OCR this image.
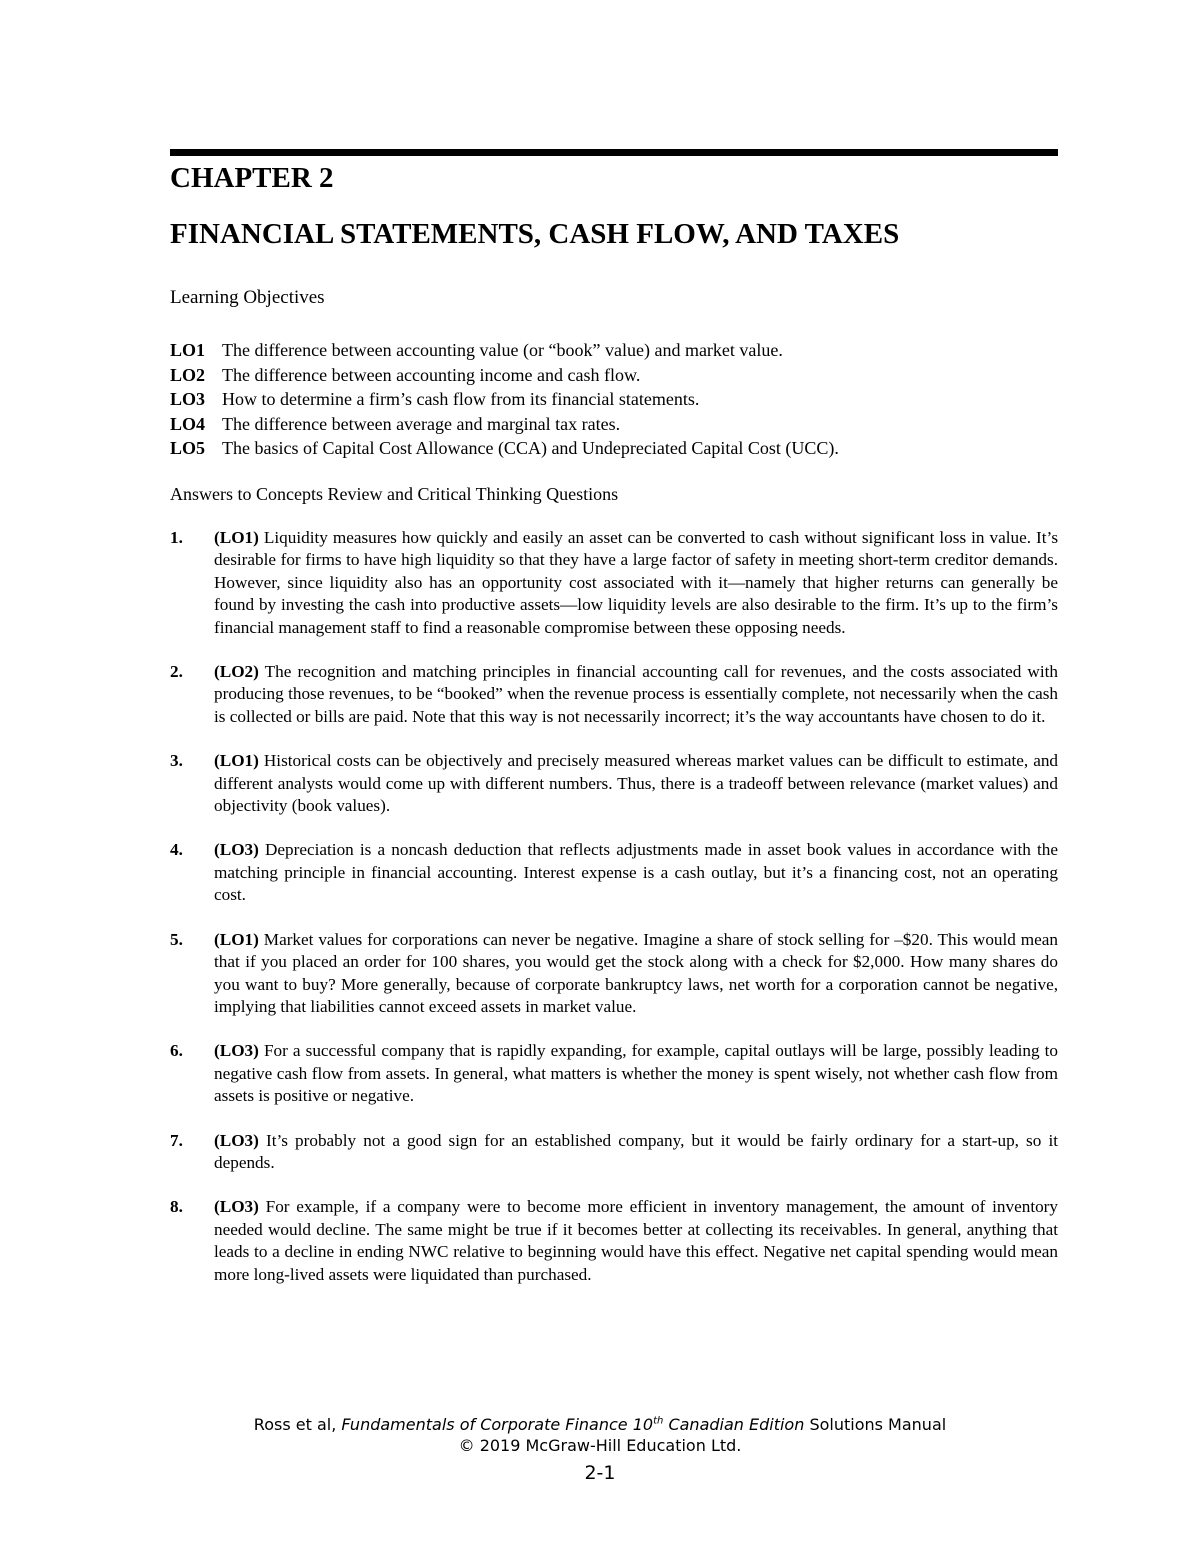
CHAPTER 2
FINANCIAL STATEMENTS, CASH FLOW, AND TAXES
Learning Objectives
LO1 The difference between accounting value (or “book” value) and market value.
LO2 The difference between accounting income and cash flow.
LO3 How to determine a firm’s cash flow from its financial statements.
LO4 The difference between average and marginal tax rates.
LO5 The basics of Capital Cost Allowance (CCA) and Undepreciated Capital Cost (UCC).
Answers to Concepts Review and Critical Thinking Questions
1. (LO1) Liquidity measures how quickly and easily an asset can be converted to cash without significant loss in value. It’s desirable for firms to have high liquidity so that they have a large factor of safety in meeting short-term creditor demands. However, since liquidity also has an opportunity cost associated with it—namely that higher returns can generally be found by investing the cash into productive assets—low liquidity levels are also desirable to the firm. It’s up to the firm’s financial management staff to find a reasonable compromise between these opposing needs.
2. (LO2) The recognition and matching principles in financial accounting call for revenues, and the costs associated with producing those revenues, to be “booked” when the revenue process is essentially complete, not necessarily when the cash is collected or bills are paid. Note that this way is not necessarily incorrect; it’s the way accountants have chosen to do it.
3. (LO1) Historical costs can be objectively and precisely measured whereas market values can be difficult to estimate, and different analysts would come up with different numbers. Thus, there is a tradeoff between relevance (market values) and objectivity (book values).
4. (LO3) Depreciation is a noncash deduction that reflects adjustments made in asset book values in accordance with the matching principle in financial accounting. Interest expense is a cash outlay, but it’s a financing cost, not an operating cost.
5. (LO1) Market values for corporations can never be negative. Imagine a share of stock selling for –$20. This would mean that if you placed an order for 100 shares, you would get the stock along with a check for $2,000. How many shares do you want to buy? More generally, because of corporate bankruptcy laws, net worth for a corporation cannot be negative, implying that liabilities cannot exceed assets in market value.
6. (LO3) For a successful company that is rapidly expanding, for example, capital outlays will be large, possibly leading to negative cash flow from assets. In general, what matters is whether the money is spent wisely, not whether cash flow from assets is positive or negative.
7. (LO3) It’s probably not a good sign for an established company, but it would be fairly ordinary for a start-up, so it depends.
8. (LO3) For example, if a company were to become more efficient in inventory management, the amount of inventory needed would decline. The same might be true if it becomes better at collecting its receivables. In general, anything that leads to a decline in ending NWC relative to beginning would have this effect. Negative net capital spending would mean more long-lived assets were liquidated than purchased.
Ross et al, Fundamentals of Corporate Finance 10th Canadian Edition Solutions Manual
© 2019 McGraw-Hill Education Ltd.
2-1
